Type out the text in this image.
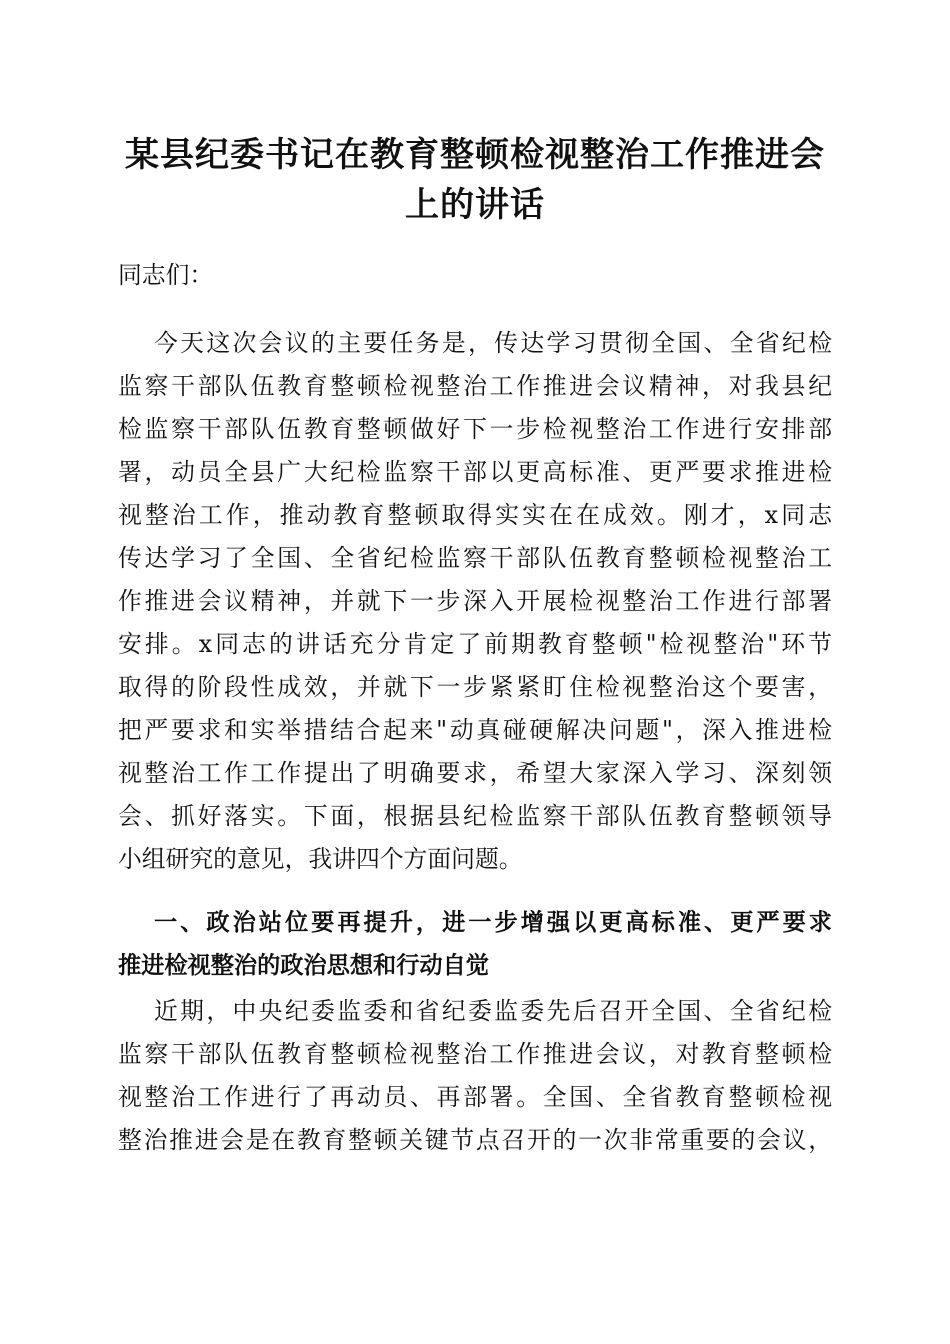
某县纪委书记在教育整顿检视整治工作推进会
上的讲话

同志们：

今天这次会议的主要任务是，传达学习贯彻全国、全省纪检
监察干部队伍教育整顿检视整治工作推进会议精神，对我县纪
检监察干部队伍教育整顿做好下一步检视整治工作进行安排部
署，动员全县广大纪检监察干部以更高标准、更严要求推进检
视整治工作，推动教育整顿取得实实在在成效。刚才，x同志
传达学习了全国、全省纪检监察干部队伍教育整顿检视整治工
作推进会议精神，并就下一步深入开展检视整治工作进行部署
安排。x同志的讲话充分肯定了前期教育整顿"检视整治"环节
取得的阶段性成效，并就下一步紧紧盯住检视整治这个要害，
把严要求和实举措结合起来"动真碰硬解决问题"，深入推进检
视整治工作工作提出了明确要求，希望大家深入学习、深刻领
会、抓好落实。下面，根据县纪检监察干部队伍教育整顿领导
小组研究的意见，我讲四个方面问题。
一、政治站位要再提升，进一步增强以更高标准、更严要求
推进检视整治的政治思想和行动自觉
近期，中央纪委监委和省纪委监委先后召开全国、全省纪检
监察干部队伍教育整顿检视整治工作推进会议，对教育整顿检
视整治工作进行了再动员、再部署。全国、全省教育整顿检视
整治推进会是在教育整顿关键节点召开的一次非常重要的会议，
